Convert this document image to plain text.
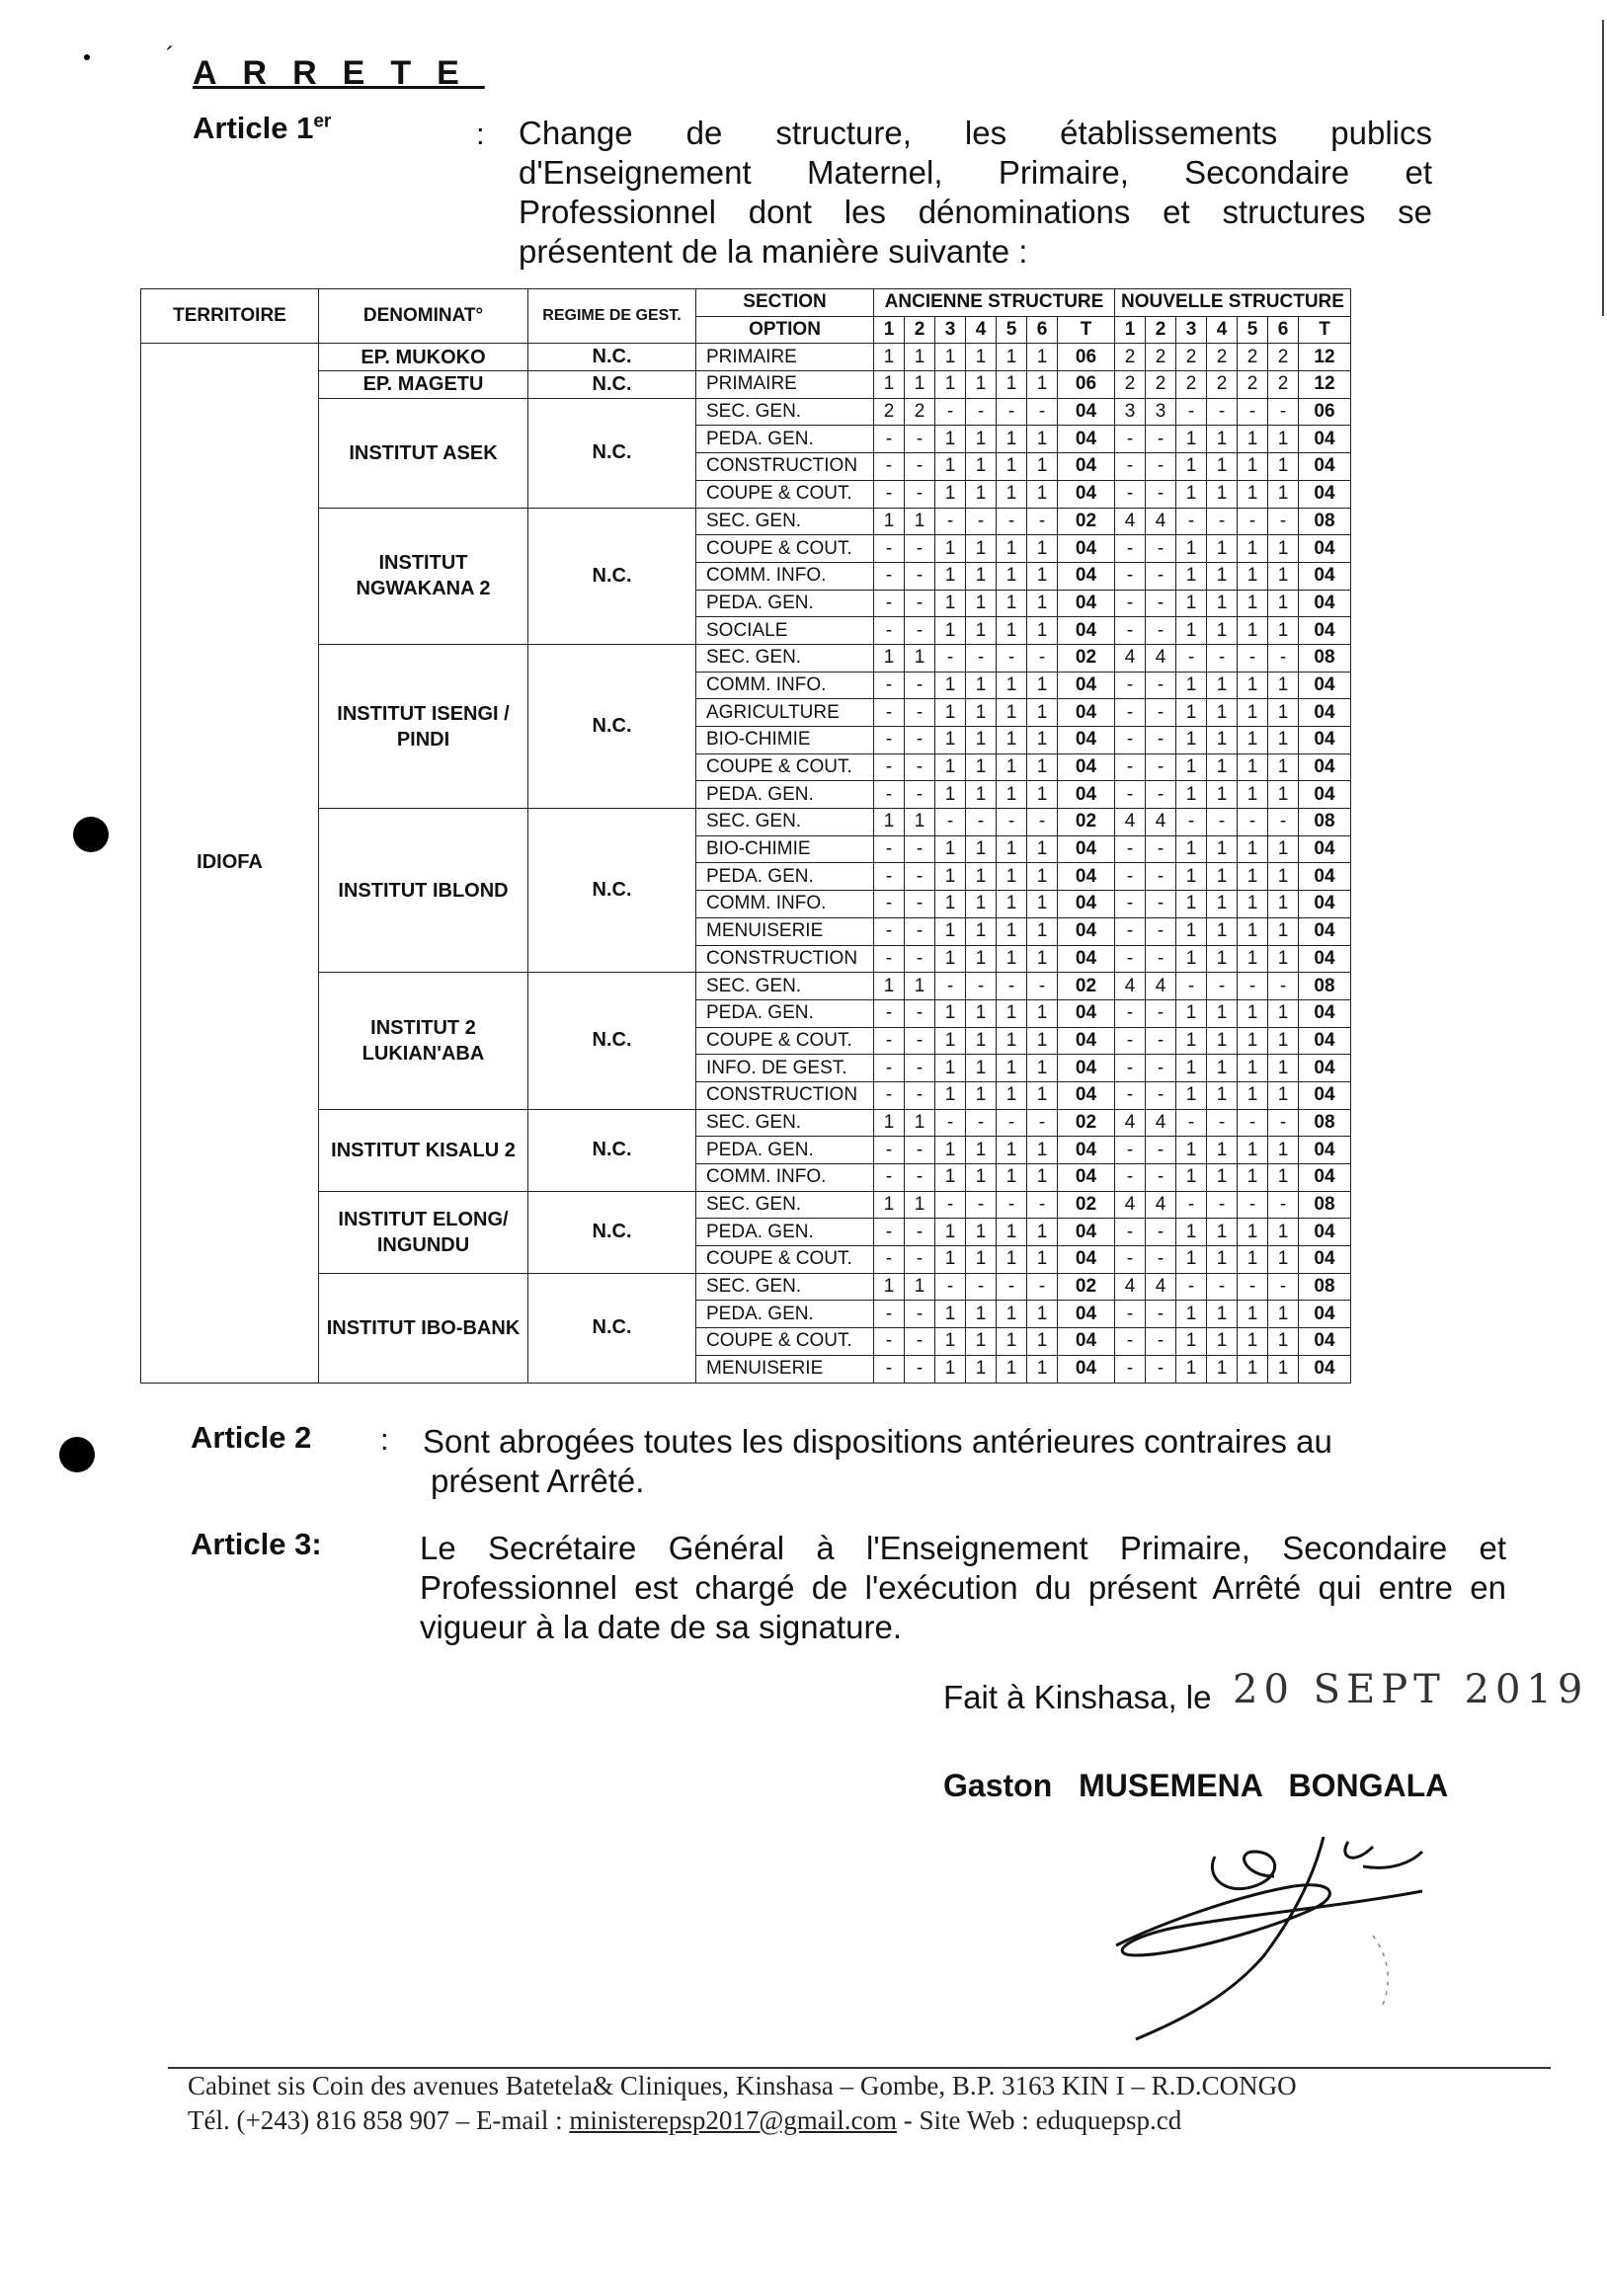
´ ARRETE
Article 1er	: Change de structure, les établissements publics
d'Enseignement Maternel, Primaire, Secondaire et
Professionnel dont les dénominations et structures se
présentent de la manière suivante :
TERRITOIRE	DENOMINAT°	REGIME DE GEST.	SECTION	ANCIENNE STRUCTURE							NOUVELLE STRUCTURE						
			OPTION	1	2	3	4	5	6	T	1	2	3	4	5	6	T
IDIOFA	EP. MUKOKO	N.C.	PRIMAIRE	1	1	1	1	1	1	06	2	2	2	2	2	2	12
	EP. MAGETU	N.C.	PRIMAIRE	1	1	1	1	1	1	06	2	2	2	2	2	2	12
	INSTITUT ASEK	N.C.	SEC. GEN.	2	2	-	-	-	-	04	3	3	-	-	-	-	06
			PEDA. GEN.	-	-	1	1	1	1	04	-	-	1	1	1	1	04
			CONSTRUCTION	-	-	1	1	1	1	04	-	-	1	1	1	1	04
			COUPE & COUT.	-	-	1	1	1	1	04	-	-	1	1	1	1	04
	INSTITUT NGWAKANA 2	N.C.	SEC. GEN.	1	1	-	-	-	-	02	4	4	-	-	-	-	08
			COUPE & COUT.	-	-	1	1	1	1	04	-	-	1	1	1	1	04
			COMM. INFO.	-	-	1	1	1	1	04	-	-	1	1	1	1	04
			PEDA. GEN.	-	-	1	1	1	1	04	-	-	1	1	1	1	04
			SOCIALE	-	-	1	1	1	1	04	-	-	1	1	1	1	04
	INSTITUT ISENGI / PINDI	N.C.	SEC. GEN.	1	1	-	-	-	-	02	4	4	-	-	-	-	08
			COMM. INFO.	-	-	1	1	1	1	04	-	-	1	1	1	1	04
			AGRICULTURE	-	-	1	1	1	1	04	-	-	1	1	1	1	04
			BIO-CHIMIE	-	-	1	1	1	1	04	-	-	1	1	1	1	04
			COUPE & COUT.	-	-	1	1	1	1	04	-	-	1	1	1	1	04
			PEDA. GEN.	-	-	1	1	1	1	04	-	-	1	1	1	1	04
	INSTITUT IBLOND	N.C.	SEC. GEN.	1	1	-	-	-	-	02	4	4	-	-	-	-	08
			BIO-CHIMIE	-	-	1	1	1	1	04	-	-	1	1	1	1	04
			PEDA. GEN.	-	-	1	1	1	1	04	-	-	1	1	1	1	04
			COMM. INFO.	-	-	1	1	1	1	04	-	-	1	1	1	1	04
			MENUISERIE	-	-	1	1	1	1	04	-	-	1	1	1	1	04
			CONSTRUCTION	-	-	1	1	1	1	04	-	-	1	1	1	1	04
	INSTITUT 2 LUKIAN'ABA	N.C.	SEC. GEN.	1	1	-	-	-	-	02	4	4	-	-	-	-	08
			PEDA. GEN.	-	-	1	1	1	1	04	-	-	1	1	1	1	04
			COUPE & COUT.	-	-	1	1	1	1	04	-	-	1	1	1	1	04
			INFO. DE GEST.	-	-	1	1	1	1	04	-	-	1	1	1	1	04
			CONSTRUCTION	-	-	1	1	1	1	04	-	-	1	1	1	1	04
	INSTITUT KISALU 2	N.C.	SEC. GEN.	1	1	-	-	-	-	02	4	4	-	-	-	-	08
			PEDA. GEN.	-	-	1	1	1	1	04	-	-	1	1	1	1	04
			COMM. INFO.	-	-	1	1	1	1	04	-	-	1	1	1	1	04
	INSTITUT ELONG/ INGUNDU	N.C.	SEC. GEN.	1	1	-	-	-	-	02	4	4	-	-	-	-	08
			PEDA. GEN.	-	-	1	1	1	1	04	-	-	1	1	1	1	04
			COUPE & COUT.	-	-	1	1	1	1	04	-	-	1	1	1	1	04
	INSTITUT IBO-BANK	N.C.	SEC. GEN.	1	1	-	-	-	-	02	4	4	-	-	-	-	08
			PEDA. GEN.	-	-	1	1	1	1	04	-	-	1	1	1	1	04
			COUPE & COUT.	-	-	1	1	1	1	04	-	-	1	1	1	1	04
			MENUISERIE	-	-	1	1	1	1	04	-	-	1	1	1	1	04
Article 2 : Sont abrogées toutes les dispositions antérieures contraires au
présent Arrêté.
Article 3:	Le Secrétaire Général à l'Enseignement Primaire, Secondaire et
Professionnel est chargé de l'exécution du présent Arrêté qui entre en
vigueur à la date de sa signature.
Fait à Kinshasa, le 20 SEPT 2019
Gaston MUSEMENA BONGALA
Cabinet sis Coin des avenues Batetela& Cliniques, Kinshasa – Gombe, B.P. 3163 KIN I – R.D.CONGO
Tél. (+243) 816 858 907 – E-mail : ministerepsp2017@gmail.com - Site Web : eduquepsp.cd
